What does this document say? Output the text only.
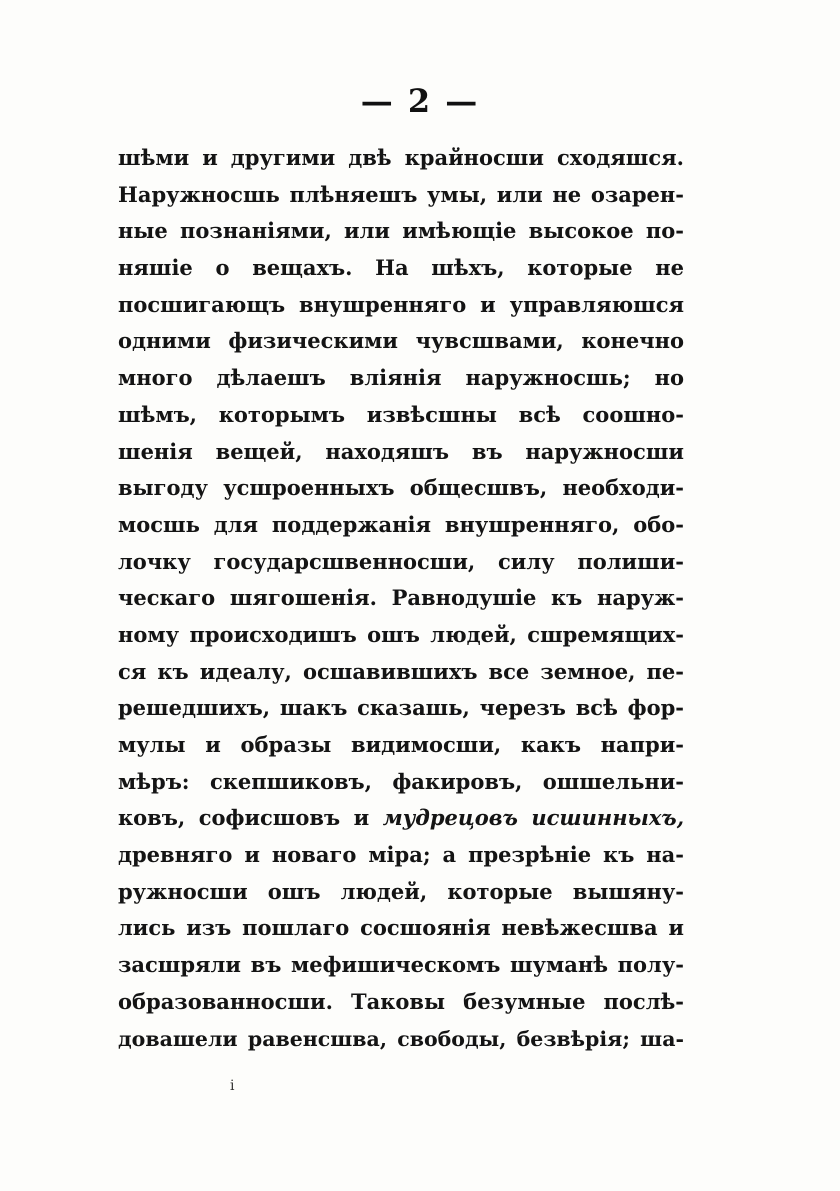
— 2 —
шѣми и другими двѣ крайносши сходяшся.
Наружносшь плѣняешъ умы, или не озарен-
ные познаніями, или имѣющіе высокое по-
няшіе о вещахъ. На шѣхъ, которые не
посшигающъ внушренняго и управляюшся
одними физическими чувсшвами, конечно
много дѣлаешъ вліянія наружносшь; но
шѣмъ, которымъ извѣсшны всѣ соошно-
шенія вещей, находяшъ въ наружносши
выгоду усшроенныхъ общесшвъ, необходи-
мосшь для поддержанія внушренняго, обо-
лочку государсшвенносши, силу полиши-
ческаго шягошенія. Равнодушіе къ наруж-
ному происходишъ ошъ людей, сшремящих-
ся къ идеалу, осшавившихъ все земное, пе-
решедшихъ, шакъ сказашь, черезъ всѣ фор-
мулы и образы видимосши, какъ напри-
мѣръ: скепшиковъ, факировъ, ошшельни-
ковъ, софисшовъ и мудрецовъ исшинныхъ,
древняго и новаго міра; а презрѣніе къ на-
ружносши ошъ людей, которые вышяну-
лись изъ пошлаго сосшоянія невѣжесшва и
засшряли въ мефишическомъ шуманѣ полу-
образованносши. Таковы безумные послѣ-
довашели равенсшва, свободы, безвѣрія; ша-
i
